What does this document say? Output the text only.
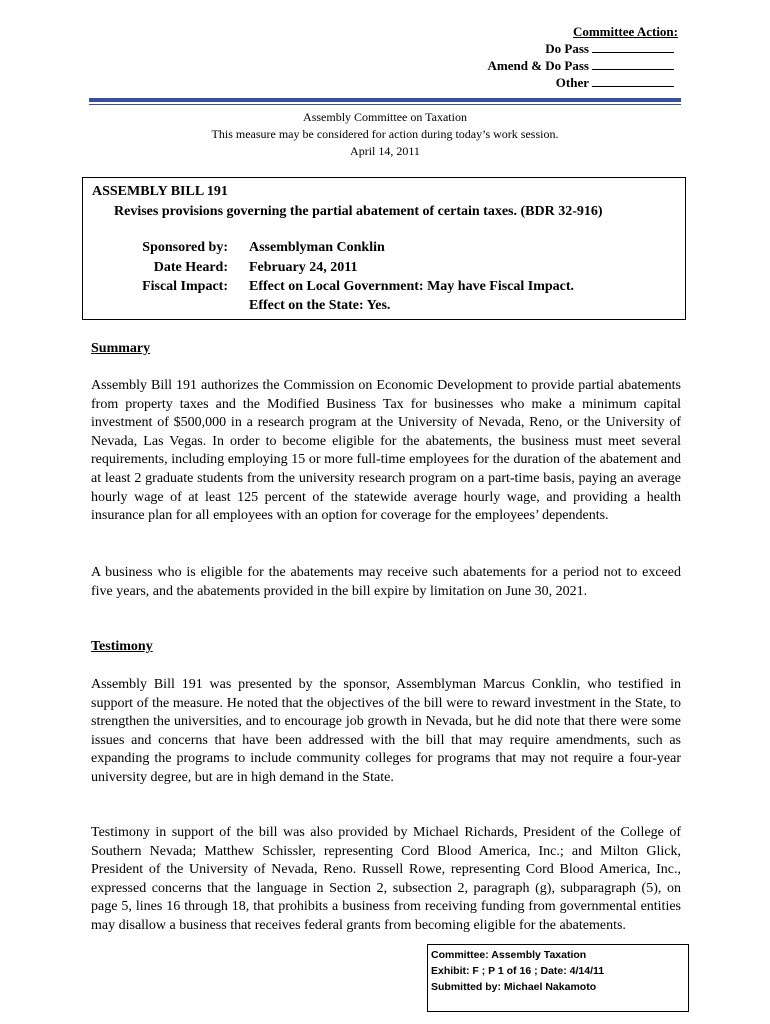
Committee Action:
Do Pass
Amend & Do Pass
Other
Assembly Committee on Taxation
This measure may be considered for action during today’s work session.
April 14, 2011
ASSEMBLY BILL 191
Revises provisions governing the partial abatement of certain taxes. (BDR 32-916)
Sponsored by: Assemblyman Conklin
Date Heard: February 24, 2011
Fiscal Impact: Effect on Local Government: May have Fiscal Impact.
Effect on the State: Yes.
Summary
Assembly Bill 191 authorizes the Commission on Economic Development to provide partial abatements from property taxes and the Modified Business Tax for businesses who make a minimum capital investment of $500,000 in a research program at the University of Nevada, Reno, or the University of Nevada, Las Vegas. In order to become eligible for the abatements, the business must meet several requirements, including employing 15 or more full-time employees for the duration of the abatement and at least 2 graduate students from the university research program on a part-time basis, paying an average hourly wage of at least 125 percent of the statewide average hourly wage, and providing a health insurance plan for all employees with an option for coverage for the employees’ dependents.
A business who is eligible for the abatements may receive such abatements for a period not to exceed five years, and the abatements provided in the bill expire by limitation on June 30, 2021.
Testimony
Assembly Bill 191 was presented by the sponsor, Assemblyman Marcus Conklin, who testified in support of the measure. He noted that the objectives of the bill were to reward investment in the State, to strengthen the universities, and to encourage job growth in Nevada, but he did note that there were some issues and concerns that have been addressed with the bill that may require amendments, such as expanding the programs to include community colleges for programs that may not require a four-year university degree, but are in high demand in the State.
Testimony in support of the bill was also provided by Michael Richards, President of the College of Southern Nevada; Matthew Schissler, representing Cord Blood America, Inc.; and Milton Glick, President of the University of Nevada, Reno. Russell Rowe, representing Cord Blood America, Inc., expressed concerns that the language in Section 2, subsection 2, paragraph (g), subparagraph (5), on page 5, lines 16 through 18, that prohibits a business from receiving funding from governmental entities may disallow a business that receives federal grants from becoming eligible for the abatements.
Committee: Assembly Taxation
Exhibit: F ; P 1 of 16 ; Date: 4/14/11
Submitted by: Michael Nakamoto
